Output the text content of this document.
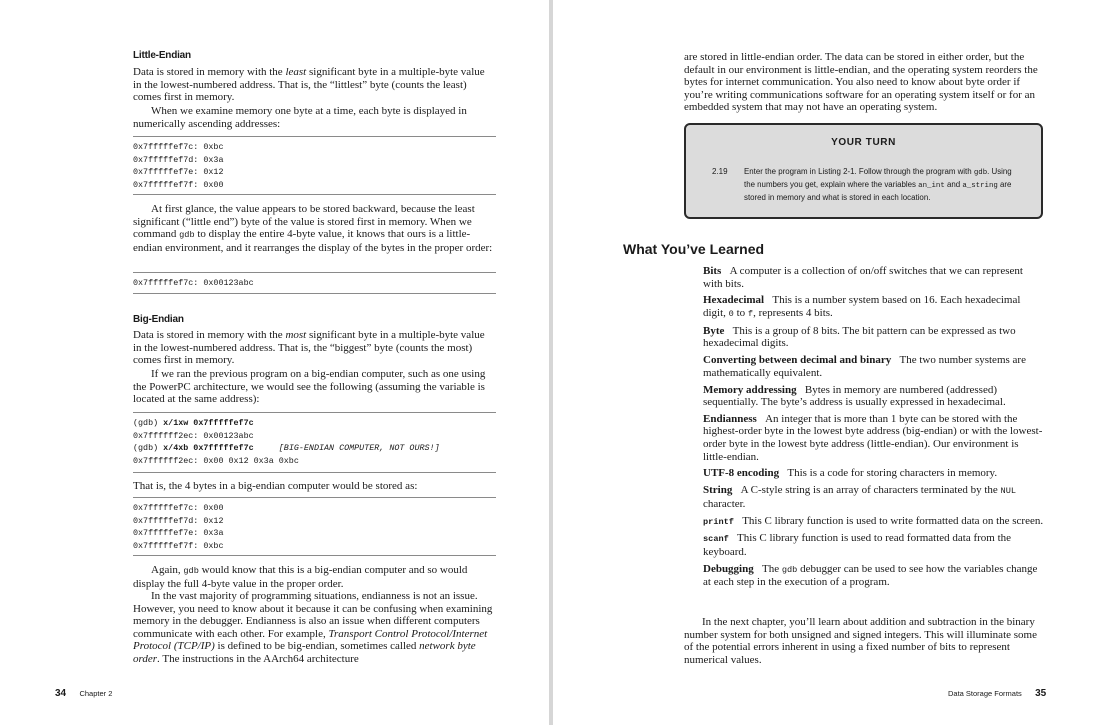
Little-Endian

Data is stored in memory with the least significant byte in a multiple-byte value in the lowest-numbered address. That is, the “littlest” byte (counts the least) comes first in memory.

When we examine memory one byte at a time, each byte is displayed in numerically ascending addresses:

0x7fffffef7c: 0xbc
0x7fffffef7d: 0x3a
0x7fffffef7e: 0x12
0x7fffffef7f: 0x00

At first glance, the value appears to be stored backward, because the least significant (“little end”) byte of the value is stored first in memory. When we command gdb to display the entire 4-byte value, it knows that ours is a little-endian environment, and it rearranges the display of the bytes in the proper order:

0x7fffffef7c: 0x00123abc
Big-Endian

Data is stored in memory with the most significant byte in a multiple-byte value in the lowest-numbered address. That is, the “biggest” byte (counts the most) comes first in memory.

If we ran the previous program on a big-endian computer, such as one using the PowerPC architecture, we would see the following (assuming the variable is located at the same address):

(gdb) x/1xw 0x7fffffef7c
0x7ffffff2ec: 0x00123abc
(gdb) x/4xb 0x7fffffef7c	[BIG-ENDIAN COMPUTER, NOT OURS!]
0x7ffffff2ec: 0x00 0x12 0x3a 0xbc

That is, the 4 bytes in a big-endian computer would be stored as:

0x7fffffef7c: 0x00
0x7fffffef7d: 0x12
0x7fffffef7e: 0x3a
0x7fffffef7f: 0xbc

Again, gdb would know that this is a big-endian computer and so would display the full 4-byte value in the proper order.

In the vast majority of programming situations, endianness is not an issue. However, you need to know about it because it can be confusing when examining memory in the debugger. Endianness is also an issue when different computers communicate with each other. For example, Transport Control Protocol/Internet Protocol (TCP/IP) is defined to be big-endian, sometimes called network byte order. The instructions in the AArch64 architecture

34 Chapter 2

are stored in little-endian order. The data can be stored in either order, but the default in our environment is little-endian, and the operating system reorders the bytes for internet communication. You also need to know about byte order if you’re writing communications software for an operating system itself or for an embedded system that may not have an operating system.

YOUR TURN
2.19 Enter the program in Listing 2-1. Follow through the program with gdb. Using the numbers you get, explain where the variables an_int and a_string are stored in memory and what is stored in each location.
What You’ve Learned

Bits A computer is a collection of on/off switches that we can represent with bits.

Hexadecimal This is a number system based on 16. Each hexadecimal digit, 0 to f, represents 4 bits.

Byte This is a group of 8 bits. The bit pattern can be expressed as two hexadecimal digits.

Converting between decimal and binary The two number systems are mathematically equivalent.

Memory addressing Bytes in memory are numbered (addressed) sequentially. The byte’s address is usually expressed in hexadecimal.

Endianness An integer that is more than 1 byte can be stored with the highest-order byte in the lowest byte address (big-endian) or with the lowest-order byte in the lowest byte address (little-endian). Our environment is little-endian.

UTF-8 encoding This is a code for storing characters in memory.

String A C-style string is an array of characters terminated by the NUL character.

printf This C library function is used to write formatted data on the screen.

scanf This C library function is used to read formatted data from the keyboard.

Debugging The gdb debugger can be used to see how the variables change at each step in the execution of a program.

In the next chapter, you’ll learn about addition and subtraction in the binary number system for both unsigned and signed integers. This will illuminate some of the potential errors inherent in using a fixed number of bits to represent numerical values.

Data Storage Formats 35
